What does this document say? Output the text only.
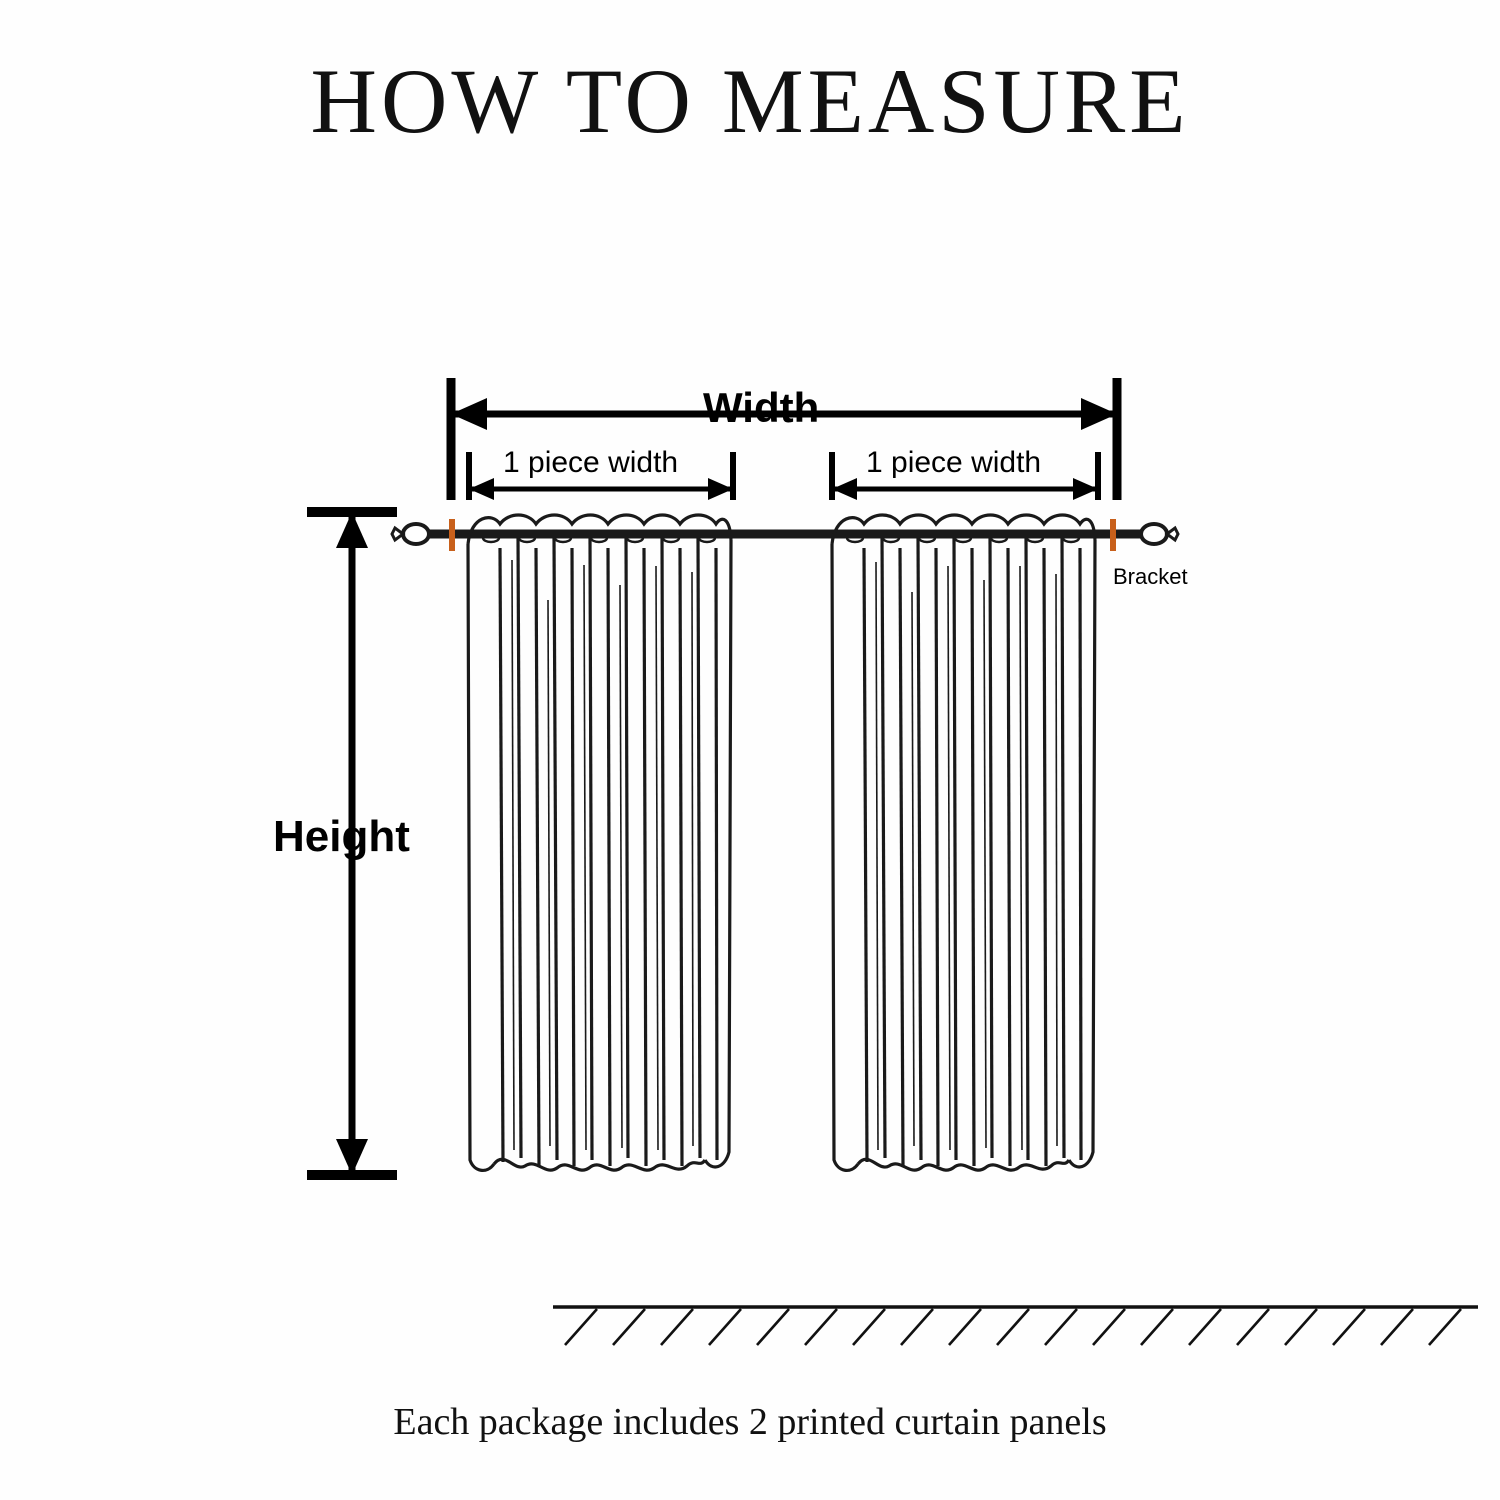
HOW TO MEASURE
Width
Height
1 piece width	1 piece width
Bracket
Each package includes 2 printed curtain panels
